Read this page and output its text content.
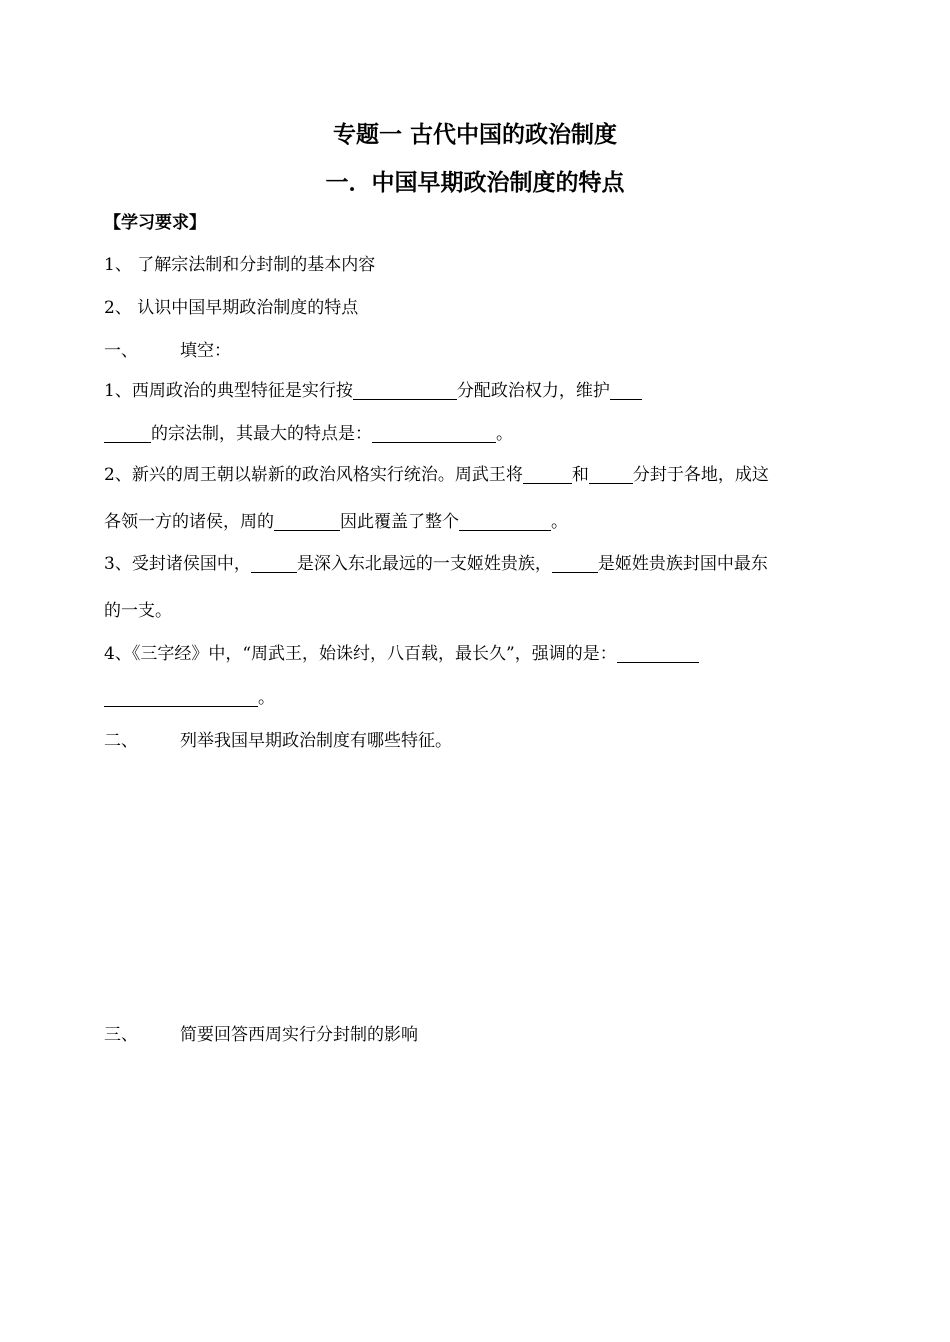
专题一 古代中国的政治制度
一．中国早期政治制度的特点
【学习要求】
1、 了解宗法制和分封制的基本内容
2、 认识中国早期政治制度的特点
一、 填空：
1、西周政治的典型特征是实行按	分配政治权力，维护
的宗法制，其最大的特点是：	。
2、新兴的周王朝以崭新的政治风格实行统治。周武王将	和	分封于各地，成这
各领一方的诸侯，周的	因此覆盖了整个	。
3、受封诸侯国中，	是深入东北最远的一支姬姓贵族，	是姬姓贵族封国中最东
的一支。
4、《三字经》中，“周武王，始诛纣，八百载，最长久”，强调的是：
。
二、 列举我国早期政治制度有哪些特征。
三、 简要回答西周实行分封制的影响
